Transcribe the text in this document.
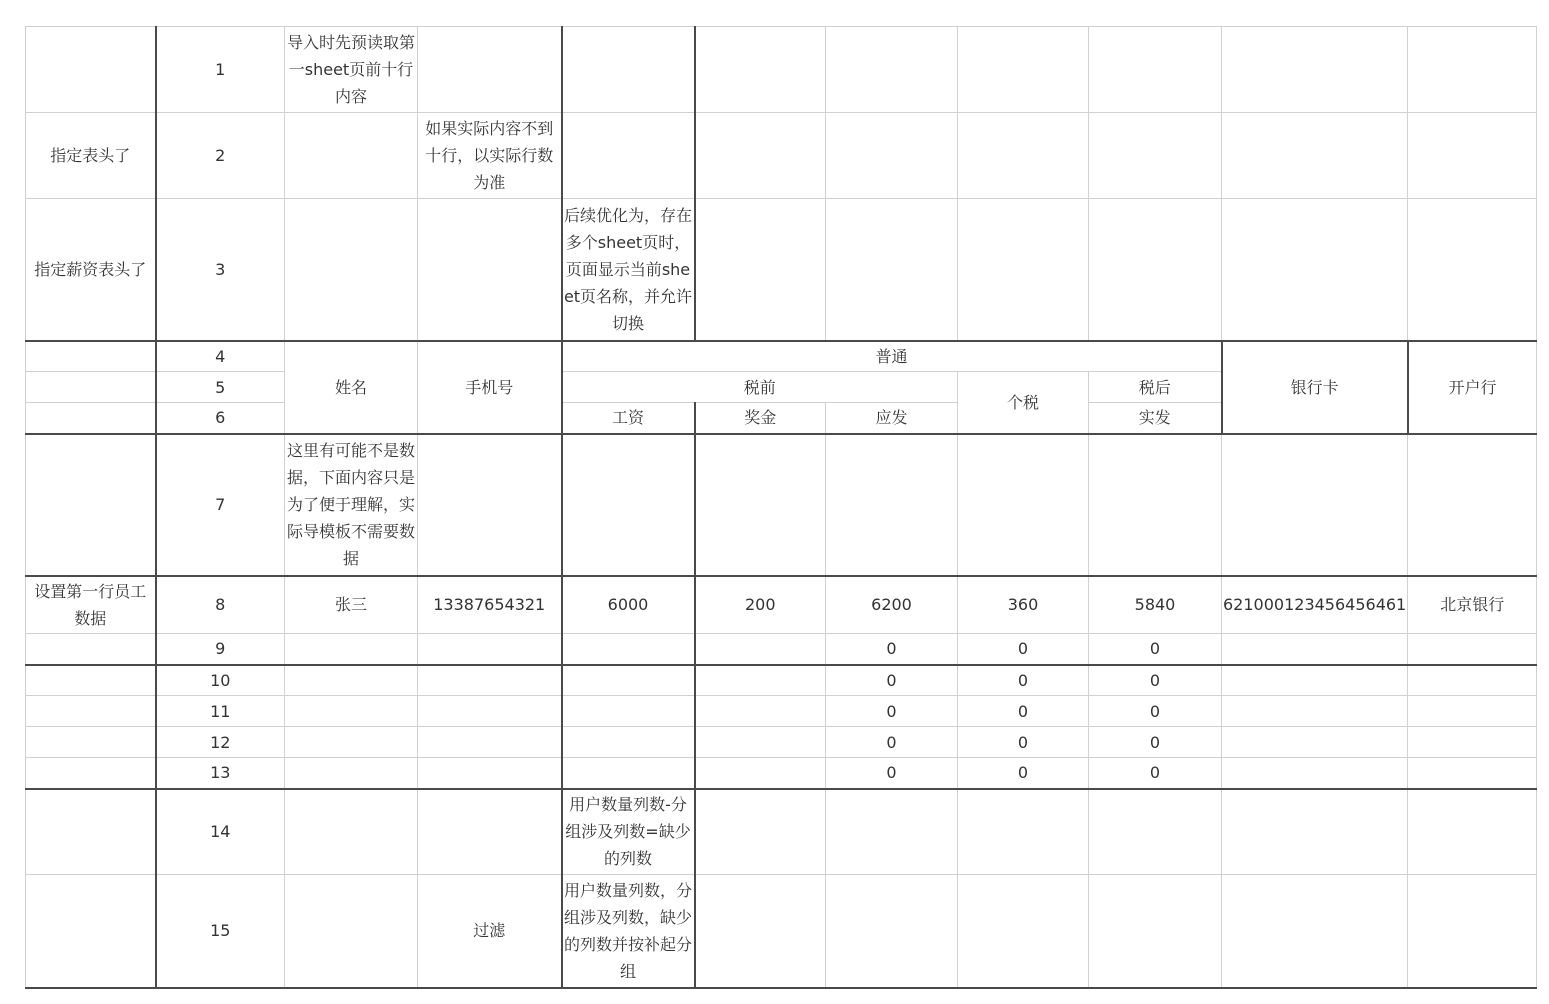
	1	导入时先预读取第一sheet页前十行内容								
指定表头了	2		如果实际内容不到十行，以实际行数为准							
指定薪资表头了	3			后续优化为，存在多个sheet页时，页面显示当前sheet页名称，并允许切换						
	4	姓名	手机号	普通					银行卡	开户行
	5			税前			个税	税后		
	6			工资	奖金	应发		实发		
	7	这里有可能不是数据，下面内容只是为了便于理解，实际导模板不需要数据								
设置第一行员工数据	8	张三	13387654321	6000	200	6200	360	5840	6210001234564564​61	北京银行
	9					0	0	0		
	10					0	0	0		
	11					0	0	0		
	12					0	0	0		
	13					0	0	0		
	14			用户数量列数-分组涉及列数=缺少的列数						
	15		过滤	用户数量列数，分组涉及列数，缺少的列数并按补起分组						
